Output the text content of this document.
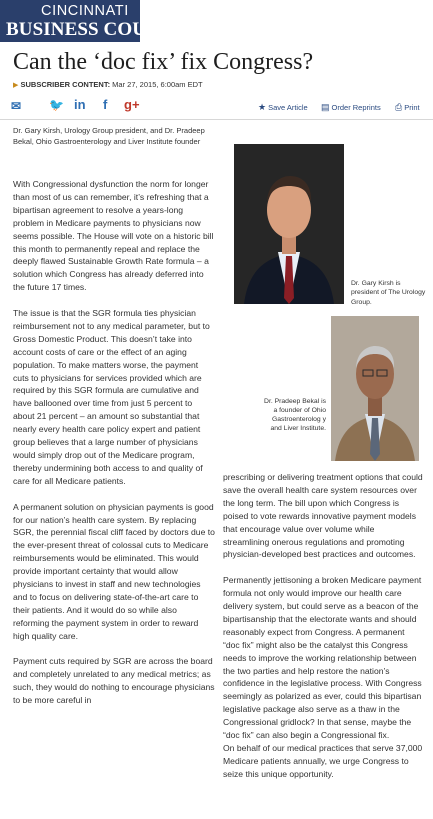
CINCINNATI
BUSINESS COURIER
Can the ‘doc fix’ fix Congress?
▶ SUBSCRIBER CONTENT: Mar 27, 2015, 6:00am EDT
✉ 🐦 in f g+	★ Save Article ▤ Order Reprints ⎙ Print
Dr. Gary Kirsh, Urology Group president, and Dr. Pradeep Bekal, Ohio Gastroenterology and Liver Institute founder

With Congressional dysfunction the norm for longer than most of us can remember, it’s refreshing that a bipartisan agreement to resolve a years-long problem in Medicare payments to physicians now seems possible. The House will vote on a historic bill this month to permanently repeal and replace the deeply flawed Sustainable Growth Rate formula – a solution which Congress has already deferred into the future 17 times.

The issue is that the SGR formula ties physician reimbursement not to any medical parameter, but to Gross Domestic Product. This doesn’t take into account costs of care or the effect of an aging population. To make matters worse, the payment cuts to physicians for services provided which are required by this SGR formula are cumulative and have ballooned over time from just 5 percent to about 21 percent – an amount so substantial that nearly every health care policy expert and patient group believes that a large number of physicians would simply drop out of the Medicare program, thereby undermining both access to and quality of care for all Medicare patients.

A permanent solution on physician payments is good for our nation’s health care system. By replacing SGR, the perennial fiscal cliff faced by doctors due to the ever-present threat of colossal cuts to Medicare reimbursements would be eliminated. This would provide important certainty that would allow physicians to invest in staff and new technologies and to focus on delivering state-of-the-art care to their patients. And it would do so while also reforming the payment system in order to reward high quality care.

Payment cuts required by SGR are across the board and completely unrelated to any medical metrics; as such, they would do nothing to encourage physicians to be more careful in

Dr. Gary Kirsh is president of The Urology Group.
Dr. Pradeep Bekal is a founder of Ohio Gastroenterolog y and Liver Institute.

prescribing or delivering treatment options that could save the overall health care system resources over the long term. The bill upon which Congress is poised to vote rewards innovative payment models that encourage value over volume while streamlining onerous regulations and promoting physician-developed best practices and outcomes.

Permanently jettisoning a broken Medicare payment formula not only would improve our health care delivery system, but could serve as a beacon of the bipartisanship that the electorate wants and should reasonably expect from Congress. A permanent “doc fix” might also be the catalyst this Congress needs to improve the working relationship between the two parties and help restore the nation’s confidence in the legislative process. With Congress seemingly as polarized as ever, could this bipartisan legislative package also serve as a thaw in the Congressional gridlock? In that sense, maybe the “doc fix” can also begin a Congressional fix.

On behalf of our medical practices that serve 37,000 Medicare patients annually, we urge Congress to seize this unique opportunity.
